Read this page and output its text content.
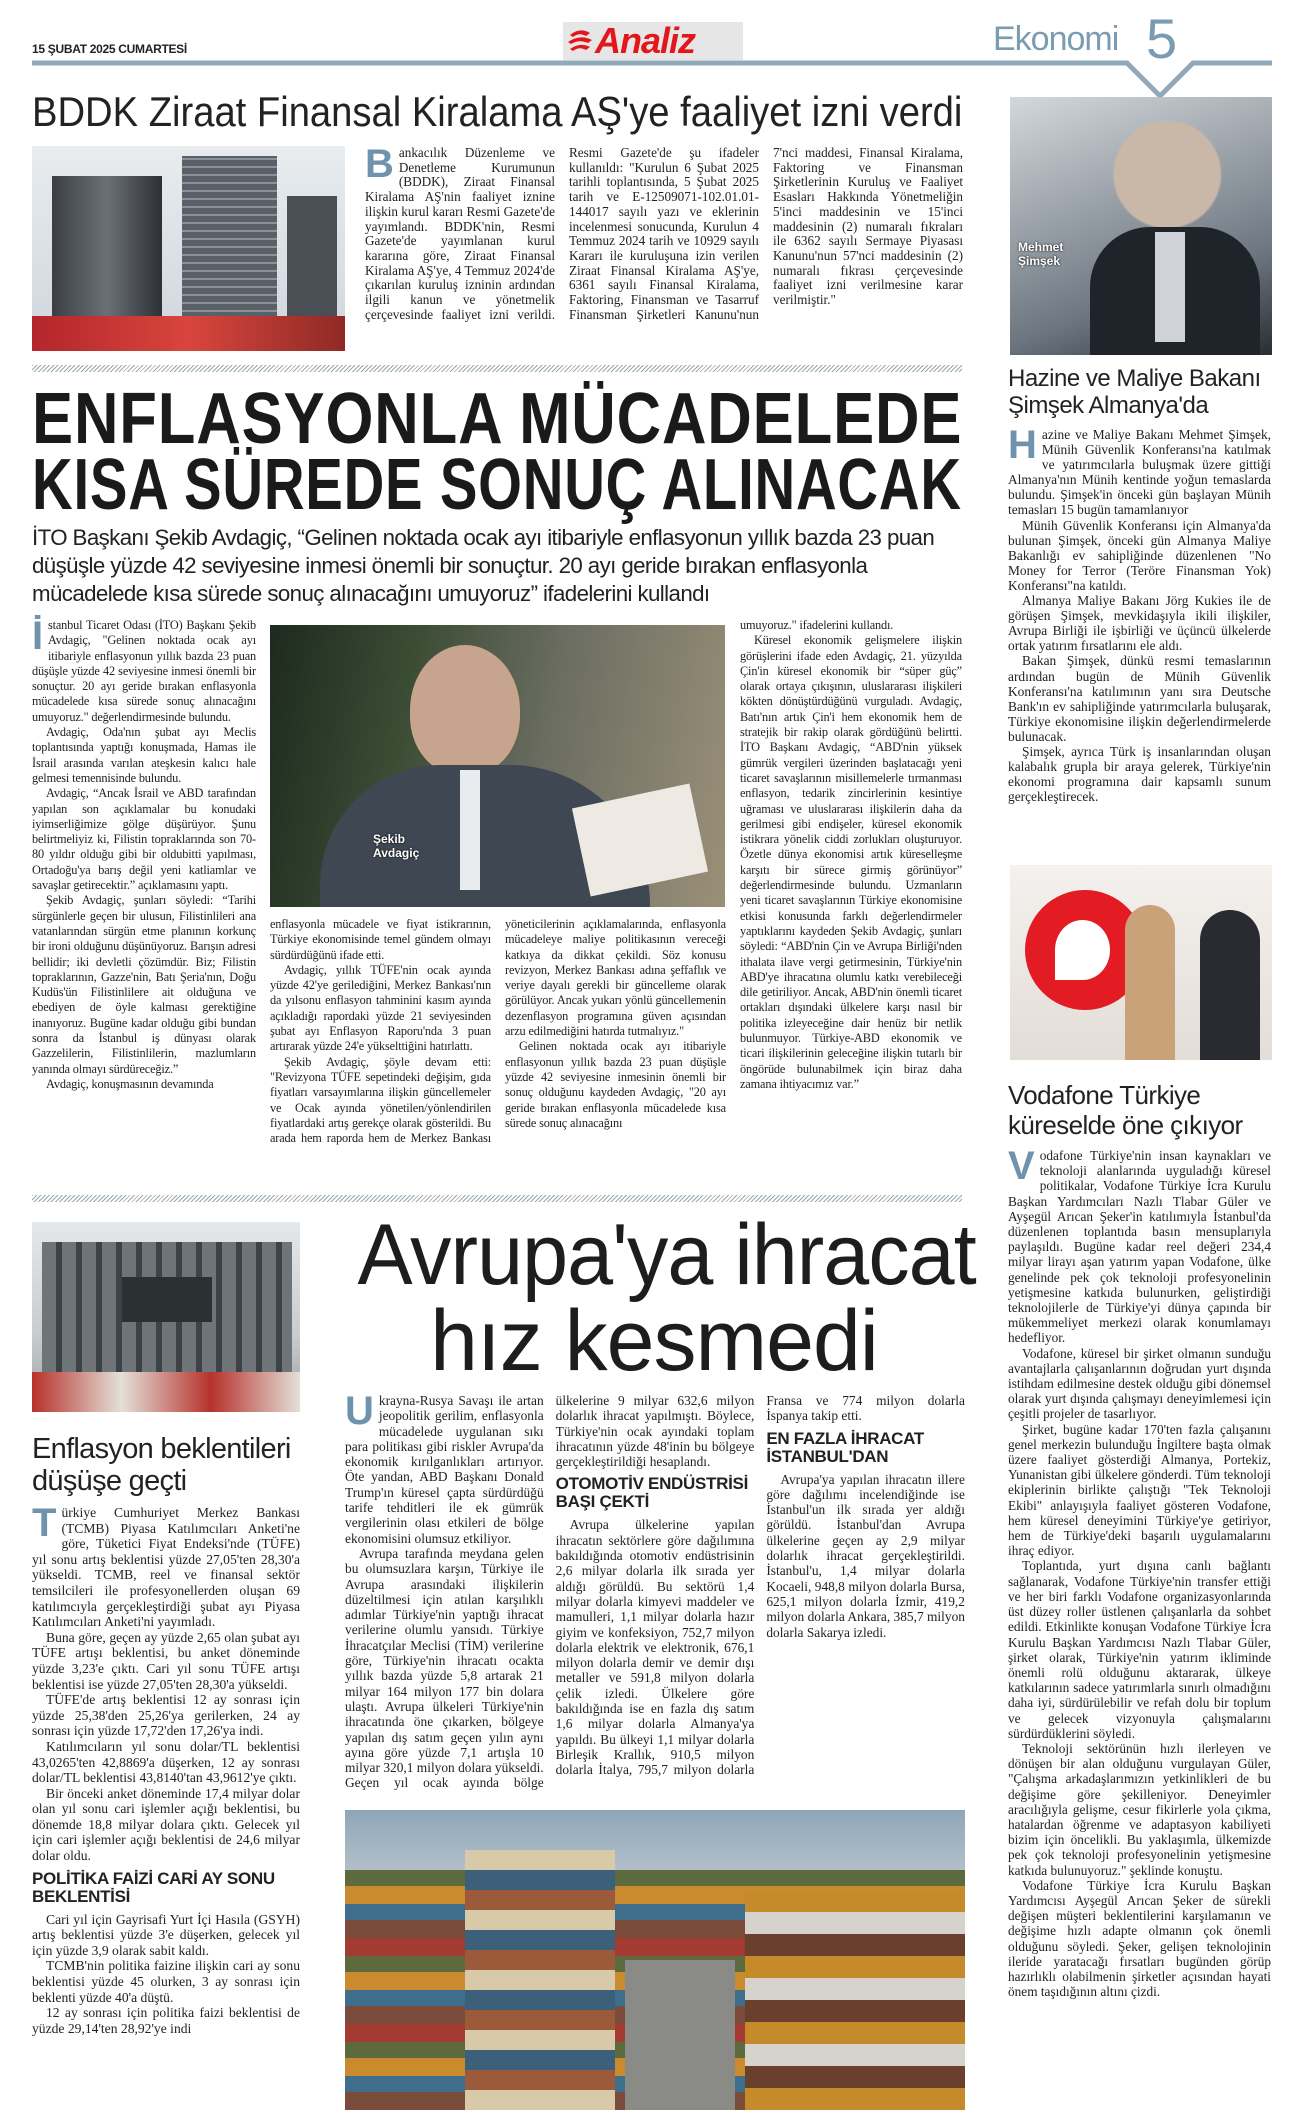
15 ŞUBAT 2025 CUMARTESİ	Analiz	Ekonomi 5
BDDK Ziraat Finansal Kiralama AŞ'ye faaliyet izni verdi

Bankacılık Düzenleme ve Denetleme Kurumunun (BDDK), Ziraat Finansal Kiralama AŞ'nin faaliyet iznine ilişkin kurul kararı Resmi Gazete'de yayımlandı. BDDK'nin, Resmi Gazete'de yayımlanan kurul kararına göre, Ziraat Finansal Kiralama AŞ'ye, 4 Temmuz 2024'de çıkarılan kuruluş izninin ardından ilgili kanun ve yönetmelik çerçevesinde faaliyet izni verildi. Resmi Gazete'de şu ifadeler kullanıldı: "Kurulun 6 Şubat 2025 tarihli toplantısında, 5 Şubat 2025 tarih ve E-12509071-102.01.01-144017 sayılı yazı ve eklerinin incelenmesi sonucunda, Kurulun 4 Temmuz 2024 tarih ve 10929 sayılı Kararı ile kuruluşuna izin verilen Ziraat Finansal Kiralama AŞ'ye, 6361 sayılı Finansal Kiralama, Faktoring, Finansman ve Tasarruf Finansman Şirketleri Kanunu'nun 7'nci maddesi, Finansal Kiralama, Faktoring ve Finansman Şirketlerinin Kuruluş ve Faaliyet Esasları Hakkında Yönetmeliğin 5'inci maddesinin ve 15'inci maddesinin (2) numaralı fıkraları ile 6362 sayılı Sermaye Piyasası Kanunu'nun 57'nci maddesinin (2) numaralı fıkrası çerçevesinde faaliyet izni verilmesine karar verilmiştir."

Mehmet Şimşek
Hazine ve Maliye Bakanı
Şimşek Almanya'da

Hazine ve Maliye Bakanı Mehmet Şimşek, Münih Güvenlik Konferansı'na katılmak ve yatırımcılarla buluşmak üzere gittiği Almanya'nın Münih kentinde yoğun temaslarda bulundu. Şimşek'in önceki gün başlayan Münih temasları 15 bugün tamamlanıyor

Münih Güvenlik Konferansı için Almanya'da bulunan Şimşek, önceki gün Almanya Maliye Bakanlığı ev sahipliğinde düzenlenen "No Money for Terror (Teröre Finansman Yok) Konferansı"na katıldı.

Almanya Maliye Bakanı Jörg Kukies ile de görüşen Şimşek, mevkidaşıyla ikili ilişkiler, Avrupa Birliği ile işbirliği ve üçüncü ülkelerde ortak yatırım fırsatlarını ele aldı.

Bakan Şimşek, dünkü resmi temaslarının ardından bugün de Münih Güvenlik Konferansı'na katılımının yanı sıra Deutsche Bank'ın ev sahipliğinde yatırımcılarla buluşarak, Türkiye ekonomisine ilişkin değerlendirmelerde bulunacak.

Şimşek, ayrıca Türk iş insanlarından oluşan kalabalık grupla bir araya gelerek, Türkiye'nin ekonomi programına dair kapsamlı sunum gerçekleştirecek.

ENFLASYONLA MÜCADELEDE
KISA SÜREDE SONUÇ ALINACAK
İTO Başkanı Şekib Avdagiç, “Gelinen noktada ocak ayı itibariyle enflasyonun yıllık bazda 23 puan düşüşle yüzde 42 seviyesine inmesi önemli bir sonuçtur. 20 ayı geride bırakan enflasyonla mücadelede kısa sürede sonuç alınacağını umuyoruz” ifadelerini kullandı

İstanbul Ticaret Odası (İTO) Başkanı Şekib Avdagiç, "Gelinen noktada ocak ayı itibariyle enflasyonun yıllık bazda 23 puan düşüşle yüzde 42 seviyesine inmesi önemli bir sonuçtur. 20 ayı geride bırakan enflasyonla mücadelede kısa sürede sonuç alınacağını umuyoruz." değerlendirmesinde bulundu.

Avdagiç, Oda'nın şubat ayı Meclis toplantısında yaptığı konuşmada, Hamas ile İsrail arasında varılan ateşkesin kalıcı hale gelmesi temennisinde bulundu.

Avdagiç, “Ancak İsrail ve ABD tarafından yapılan son açıklamalar bu konudaki iyimserliğimize gölge düşürüyor. Şunu belirtmeliyiz ki, Filistin topraklarında son 70-80 yıldır olduğu gibi bir oldubitti yapılması, Ortadoğu'ya barış değil yeni katliamlar ve savaşlar getirecektir.” açıklamasını yaptı.

Şekib Avdagiç, şunları söyledi: “Tarihi sürgünlerle geçen bir ulusun, Filistinlileri ana vatanlarından sürgün etme planının korkunç bir ironi olduğunu düşünüyoruz. Barışın adresi bellidir; iki devletli çözümdür. Biz; Filistin topraklarının, Gazze'nin, Batı Şeria'nın, Doğu Kudüs'ün Filistinlilere ait olduğuna ve ebediyen de öyle kalması gerektiğine inanıyoruz. Bugüne kadar olduğu gibi bundan sonra da İstanbul iş dünyası olarak Gazzelilerin, Filistinlilerin, mazlumların yanında olmayı sürdüreceğiz.”

Avdagiç, konuşmasının devamında

Şekib Avdagiç

enflasyonla mücadele ve fiyat istikrarının, Türkiye ekonomisinde temel gündem olmayı sürdürdüğünü ifade etti.

Avdagiç, yıllık TÜFE'nin ocak ayında yüzde 42'ye gerilediğini, Merkez Bankası'nın da yılsonu enflasyon tahminini kasım ayında açıkladığı rapordaki yüzde 21 seviyesinden şubat ayı Enflasyon Raporu'nda 3 puan artırarak yüzde 24'e yükselttiğini hatırlattı.

Şekib Avdagiç, şöyle devam etti: "Revizyona TÜFE sepetindeki değişim, gıda fiyatları varsayımlarına ilişkin güncellemeler ve Ocak ayında yönetilen/yönlendirilen fiyatlardaki artış gerekçe olarak gösterildi. Bu arada hem raporda hem de Merkez Bankası yöneticilerinin açıklamalarında, enflasyonla mücadeleye maliye politikasının vereceği katkıya da dikkat çekildi. Söz konusu revizyon, Merkez Bankası adına şeffaflık ve veriye dayalı gerekli bir güncelleme olarak görülüyor. Ancak yukarı yönlü güncellemenin dezenflasyon programına güven açısından arzu edilmediğini hatırda tutmalıyız."

Gelinen noktada ocak ayı itibariyle enflasyonun yıllık bazda 23 puan düşüşle yüzde 42 seviyesine inmesinin önemli bir sonuç olduğunu kaydeden Avdagiç, "20 ayı geride bırakan enflasyonla mücadelede kısa sürede sonuç alınacağını

umuyoruz." ifadelerini kullandı.

Küresel ekonomik gelişmelere ilişkin görüşlerini ifade eden Avdagiç, 21. yüzyılda Çin'in küresel ekonomik bir “süper güç” olarak ortaya çıkışının, uluslararası ilişkileri kökten dönüştürdüğünü vurguladı. Avdagiç, Batı'nın artık Çin'i hem ekonomik hem de stratejik bir rakip olarak gördüğünü belirtti. İTO Başkanı Avdagiç, “ABD'nin yüksek gümrük vergileri üzerinden başlatacağı yeni ticaret savaşlarının misillemelerle tırmanması enflasyon, tedarik zincirlerinin kesintiye uğraması ve uluslararası ilişkilerin daha da gerilmesi gibi endişeler, küresel ekonomik istikrara yönelik ciddi zorlukları oluşturuyor. Özetle dünya ekonomisi artık küreselleşme karşıtı bir sürece girmiş görünüyor” değerlendirmesinde bulundu. Uzmanların yeni ticaret savaşlarının Türkiye ekonomisine etkisi konusunda farklı değerlendirmeler yaptıklarını kaydeden Şekib Avdagiç, şunları söyledi: “ABD'nin Çin ve Avrupa Birliği'nden ithalata ilave vergi getirmesinin, Türkiye'nin ABD'ye ihracatına olumlu katkı verebileceği dile getiriliyor. Ancak, ABD'nin önemli ticaret ortakları dışındaki ülkelere karşı nasıl bir politika izleyeceğine dair henüz bir netlik bulunmuyor. Türkiye-ABD ekonomik ve ticari ilişkilerinin geleceğine ilişkin tutarlı bir öngörüde bulunabilmek için biraz daha zamana ihtiyacımız var.”	Vodafone Türkiye
küreselde öne çıkıyor

Vodafone Türkiye'nin insan kaynakları ve teknoloji alanlarında uyguladığı küresel politikalar, Vodafone Türkiye İcra Kurulu Başkan Yardımcıları Nazlı Tlabar Güler ve Ayşegül Arıcan Şeker'in katılımıyla İstanbul'da düzenlenen toplantıda basın mensuplarıyla paylaşıldı. Bugüne kadar reel değeri 234,4 milyar lirayı aşan yatırım yapan Vodafone, ülke genelinde pek çok teknoloji profesyonelinin yetişmesine katkıda bulunurken, geliştirdiği teknolojilerle de Türkiye'yi dünya çapında bir mükemmeliyet merkezi olarak konumlamayı hedefliyor.

Vodafone, küresel bir şirket olmanın sunduğu avantajlarla çalışanlarının doğrudan yurt dışında istihdam edilmesine destek olduğu gibi dönemsel olarak yurt dışında çalışmayı deneyimlemesi için çeşitli projeler de tasarlıyor.

Şirket, bugüne kadar 170'ten fazla çalışanını genel merkezin bulunduğu İngiltere başta olmak üzere faaliyet gösterdiği Almanya, Portekiz, Yunanistan gibi ülkelere gönderdi. Tüm teknoloji ekiplerinin birlikte çalıştığı "Tek Teknoloji Ekibi" anlayışıyla faaliyet gösteren Vodafone, hem küresel deneyimini Türkiye'ye getiriyor, hem de Türkiye'deki başarılı uygulamalarını ihraç ediyor.

Toplantıda, yurt dışına canlı bağlantı sağlanarak, Vodafone Türkiye'nin transfer ettiği ve her biri farklı Vodafone organizasyonlarında üst düzey roller üstlenen çalışanlarla da sohbet edildi. Etkinlikte konuşan Vodafone Türkiye İcra Kurulu Başkan Yardımcısı Nazlı Tlabar Güler, şirket olarak, Türkiye'nin yatırım ikliminde önemli rolü olduğunu aktararak, ülkeye katkılarının sadece yatırımlarla sınırlı olmadığını daha iyi, sürdürülebilir ve refah dolu bir toplum ve gelecek vizyonuyla çalışmalarını sürdürdüklerini söyledi.

Teknoloji sektörünün hızlı ilerleyen ve dönüşen bir alan olduğunu vurgulayan Güler, "Çalışma arkadaşlarımızın yetkinlikleri de bu değişime göre şekilleniyor. Deneyimler aracılığıyla gelişme, cesur fikirlerle yola çıkma, hatalardan öğrenme ve adaptasyon kabiliyeti bizim için öncelikli. Bu yaklaşımla, ülkemizde pek çok teknoloji profesyonelinin yetişmesine katkıda bulunuyoruz." şeklinde konuştu.

Vodafone Türkiye İcra Kurulu Başkan Yardımcısı Ayşegül Arıcan Şeker de sürekli değişen müşteri beklentilerini karşılamanın ve değişime hızlı adapte olmanın çok önemli olduğunu söyledi. Şeker, gelişen teknolojinin ileride yaratacağı fırsatları bugünden görüp hazırlıklı olabilmenin şirketler açısından hayati önem taşıdığının altını çizdi.

Enflasyon beklentileri
düşüşe geçti

Türkiye Cumhuriyet Merkez Bankası (TCMB) Piyasa Katılımcıları Anketi'ne göre, Tüketici Fiyat Endeksi'nde (TÜFE) yıl sonu artış beklentisi yüzde 27,05'ten 28,30'a yükseldi. TCMB, reel ve finansal sektör temsilcileri ile profesyonellerden oluşan 69 katılımcıyla gerçekleştirdiği şubat ayı Piyasa Katılımcıları Anketi'ni yayımladı.

Buna göre, geçen ay yüzde 2,65 olan şubat ayı TÜFE artışı beklentisi, bu anket döneminde yüzde 3,23'e çıktı. Cari yıl sonu TÜFE artışı beklentisi ise yüzde 27,05'ten 28,30'a yükseldi.

TÜFE'de artış beklentisi 12 ay sonrası için yüzde 25,38'den 25,26'ya gerilerken, 24 ay sonrası için yüzde 17,72'den 17,26'ya indi.

Katılımcıların yıl sonu dolar/TL beklentisi 43,0265'ten 42,8869'a düşerken, 12 ay sonrası dolar/TL beklentisi 43,8140'tan 43,9612'ye çıktı.

Bir önceki anket döneminde 17,4 milyar dolar olan yıl sonu cari işlemler açığı beklentisi, bu dönemde 18,8 milyar dolara çıktı. Gelecek yıl için cari işlemler açığı beklentisi de 24,6 milyar dolar oldu.

POLİTİKA FAİZİ CARİ AY SONU BEKLENTİSİ

Cari yıl için Gayrisafi Yurt İçi Hasıla (GSYH) artış beklentisi yüzde 3'e düşerken, gelecek yıl için yüzde 3,9 olarak sabit kaldı.

TCMB'nin politika faizine ilişkin cari ay sonu beklentisi yüzde 45 olurken, 3 ay sonrası için beklenti yüzde 40'a düştü.

12 ay sonrası için politika faizi beklentisi de yüzde 29,14'ten 28,92'ye indi

Avrupa'ya ihracat
hız kesmedi

Ukrayna-Rusya Savaşı ile artan jeopolitik gerilim, enflasyonla mücadelede uygulanan sıkı para politikası gibi riskler Avrupa'da ekonomik kırılganlıkları artırıyor. Öte yandan, ABD Başkanı Donald Trump'ın küresel çapta sürdürdüğü tarife tehditleri ile ek gümrük vergilerinin olası etkileri de bölge ekonomisini olumsuz etkiliyor.

Avrupa tarafında meydana gelen bu olumsuzlara karşın, Türkiye ile Avrupa arasındaki ilişkilerin düzeltilmesi için atılan karşılıklı adımlar Türkiye'nin yaptığı ihracat verilerine olumlu yansıdı. Türkiye İhracatçılar Meclisi (TİM) verilerine göre, Türkiye'nin ihracatı ocakta yıllık bazda yüzde 5,8 artarak 21 milyar 164 milyon 177 bin dolara ulaştı. Avrupa ülkeleri Türkiye'nin ihracatında öne çıkarken, bölgeye yapılan dış satım geçen yılın aynı ayına göre yüzde 7,1 artışla 10 milyar 320,1 milyon dolara yükseldi. Geçen yıl ocak ayında bölge ülkelerine 9 milyar 632,6 milyon dolarlık ihracat yapılmıştı. Böylece, Türkiye'nin ocak ayındaki toplam ihracatının yüzde 48'inin bu bölgeye gerçekleştirildiği hesaplandı.

OTOMOTİV ENDÜSTRİSİ BAŞI ÇEKTİ

Avrupa ülkelerine yapılan ihracatın sektörlere göre dağılımına bakıldığında otomotiv endüstrisinin 2,6 milyar dolarla ilk sırada yer aldığı görüldü. Bu sektörü 1,4 milyar dolarla kimyevi maddeler ve mamulleri, 1,1 milyar dolarla hazır giyim ve konfeksiyon, 752,7 milyon dolarla elektrik ve elektronik, 676,1 milyon dolarla demir ve demir dışı metaller ve 591,8 milyon dolarla çelik izledi. Ülkelere göre bakıldığında ise en fazla dış satım 1,6 milyar dolarla Almanya'ya yapıldı. Bu ülkeyi 1,1 milyar dolarla Birleşik Krallık, 910,5 milyon dolarla İtalya, 795,7 milyon dolarla Fransa ve 774 milyon dolarla İspanya takip etti.

EN FAZLA İHRACAT İSTANBUL'DAN

Avrupa'ya yapılan ihracatın illere göre dağılımı incelendiğinde ise İstanbul'un ilk sırada yer aldığı görüldü. İstanbul'dan Avrupa ülkelerine geçen ay 2,9 milyar dolarlık ihracat gerçekleştirildi. İstanbul'u, 1,4 milyar dolarla Kocaeli, 948,8 milyon dolarla Bursa, 625,1 milyon dolarla İzmir, 419,2 milyon dolarla Ankara, 385,7 milyon dolarla Sakarya izledi.
